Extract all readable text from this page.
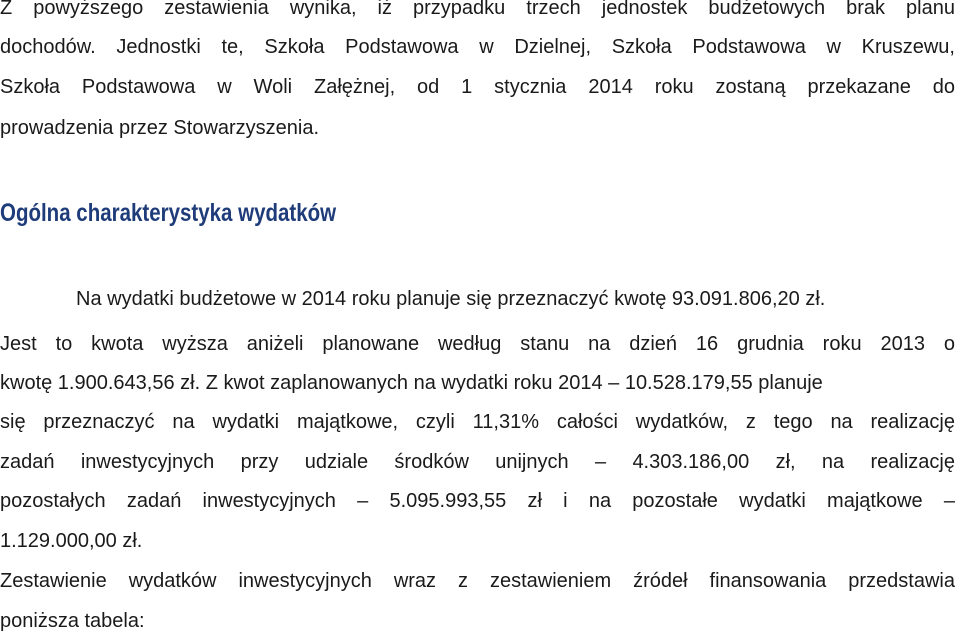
Z powyższego zestawienia wynika, iż przypadku trzech jednostek budżetowych brak planu
dochodów. Jednostki te, Szkoła Podstawowa w Dzielnej, Szkoła Podstawowa w Kruszewu,
Szkoła Podstawowa w Woli Załężnej, od 1 stycznia 2014 roku zostaną przekazane do
prowadzenia przez Stowarzyszenia.
Ogólna charakterystyka wydatków
Na wydatki budżetowe w 2014 roku planuje się przeznaczyć kwotę 93.091.806,20 zł.
Jest to kwota wyższa aniżeli planowane według stanu na dzień 16 grudnia roku 2013 o
kwotę 1.900.643,56 zł. Z kwot zaplanowanych na wydatki roku 2014 – 10.528.179,55 planuje
się przeznaczyć na wydatki majątkowe, czyli 11,31% całości wydatków, z tego na realizację
zadań inwestycyjnych przy udziale środków unijnych – 4.303.186,00 zł, na realizację
pozostałych zadań inwestycyjnych – 5.095.993,55 zł i na pozostałe wydatki majątkowe –
1.129.000,00 zł.
Zestawienie wydatków inwestycyjnych wraz z zestawieniem źródeł finansowania przedstawia
poniższa tabela:
